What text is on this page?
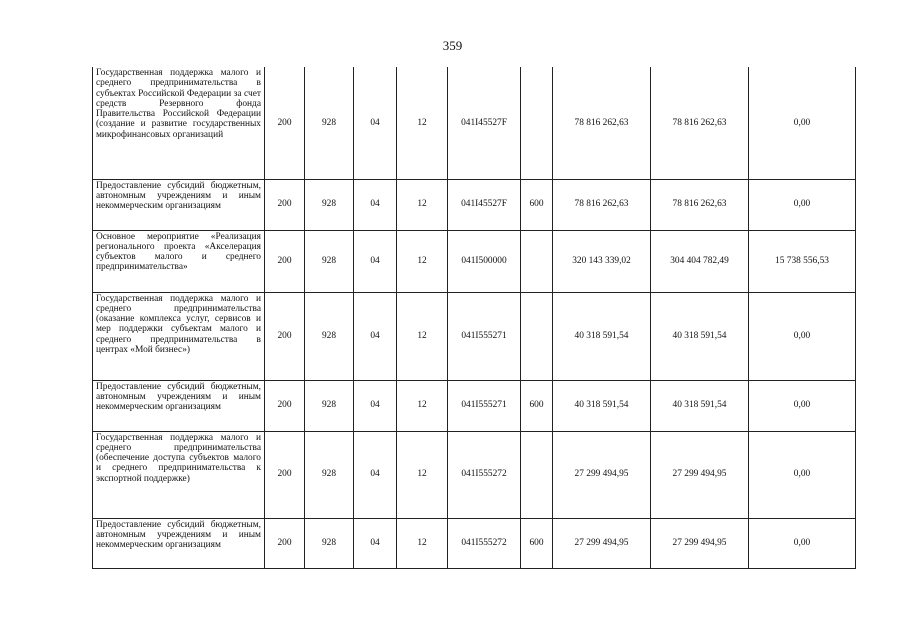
359
Государственная поддержка малого и среднего предпринимательства в субъектах Российской Федерации за счет средств Резервного фонда Правительства Российской Федерации (создание и развитие государственных микрофинансовых организаций	200	928	04	12	041I45527F		78 816 262,63	78 816 262,63	0,00
Предоставление субсидий бюджетным, автономным учреждениям и иным некоммерческим организациям	200	928	04	12	041I45527F	600	78 816 262,63	78 816 262,63	0,00
Основное мероприятие «Реализация регионального проекта «Акселерация субъектов малого и среднего предпринимательства»	200	928	04	12	041I500000		320 143 339,02	304 404 782,49	15 738 556,53
Государственная поддержка малого и среднего предпринимательства (оказание комплекса услуг, сервисов и мер поддержки субъектам малого и среднего предпринимательства в центрах «Мой бизнес»)	200	928	04	12	041I555271		40 318 591,54	40 318 591,54	0,00
Предоставление субсидий бюджетным, автономным учреждениям и иным некоммерческим организациям	200	928	04	12	041I555271	600	40 318 591,54	40 318 591,54	0,00
Государственная поддержка малого и среднего предпринимательства (обеспечение доступа субъектов малого и среднего предпринимательства к экспортной поддержке)	200	928	04	12	041I555272		27 299 494,95	27 299 494,95	0,00
Предоставление субсидий бюджетным, автономным учреждениям и иным некоммерческим организациям	200	928	04	12	041I555272	600	27 299 494,95	27 299 494,95	0,00
